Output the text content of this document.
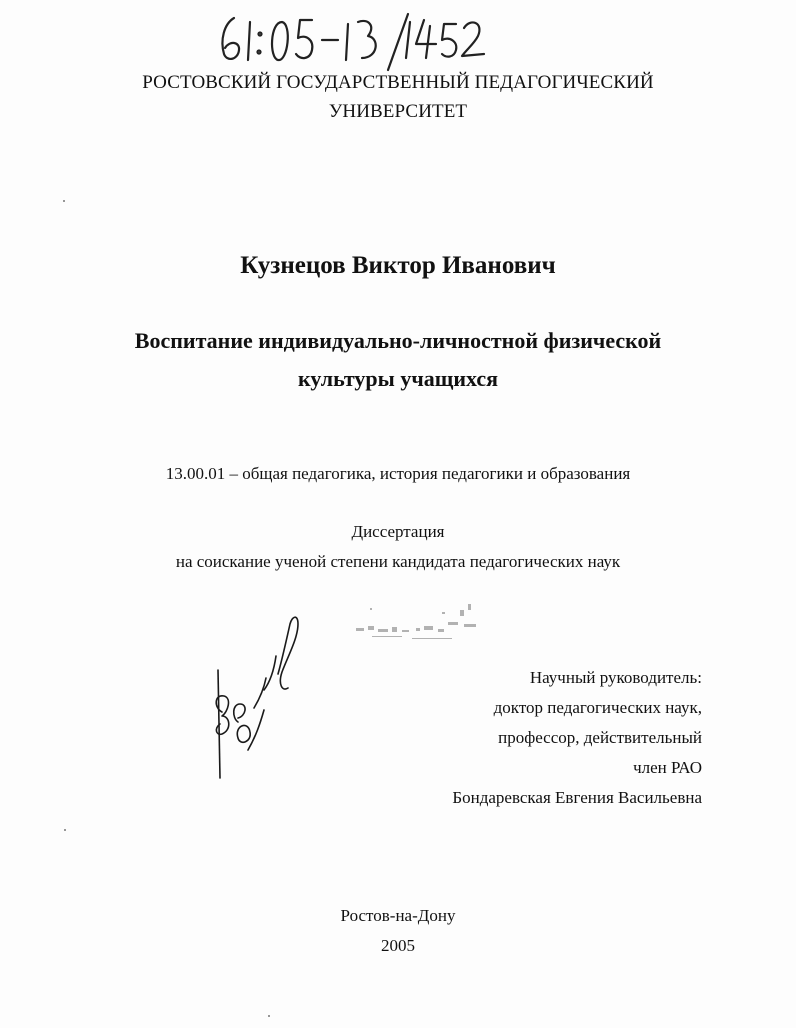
РОСТОВСКИЙ ГОСУДАРСТВЕННЫЙ ПЕДАГОГИЧЕСКИЙ
УНИВЕРСИТЕТ
Кузнецов Виктор Иванович
Воспитание индивидуально-личностной физической
культуры учащихся
13.00.01 – общая педагогика, история педагогики и образования
Диссертация
на соискание ученой степени кандидата педагогических наук
Научный руководитель:
доктор педагогических наук,
профессор, действительный
член РАО
Бондаревская Евгения Васильевна
Ростов-на-Дону
2005
